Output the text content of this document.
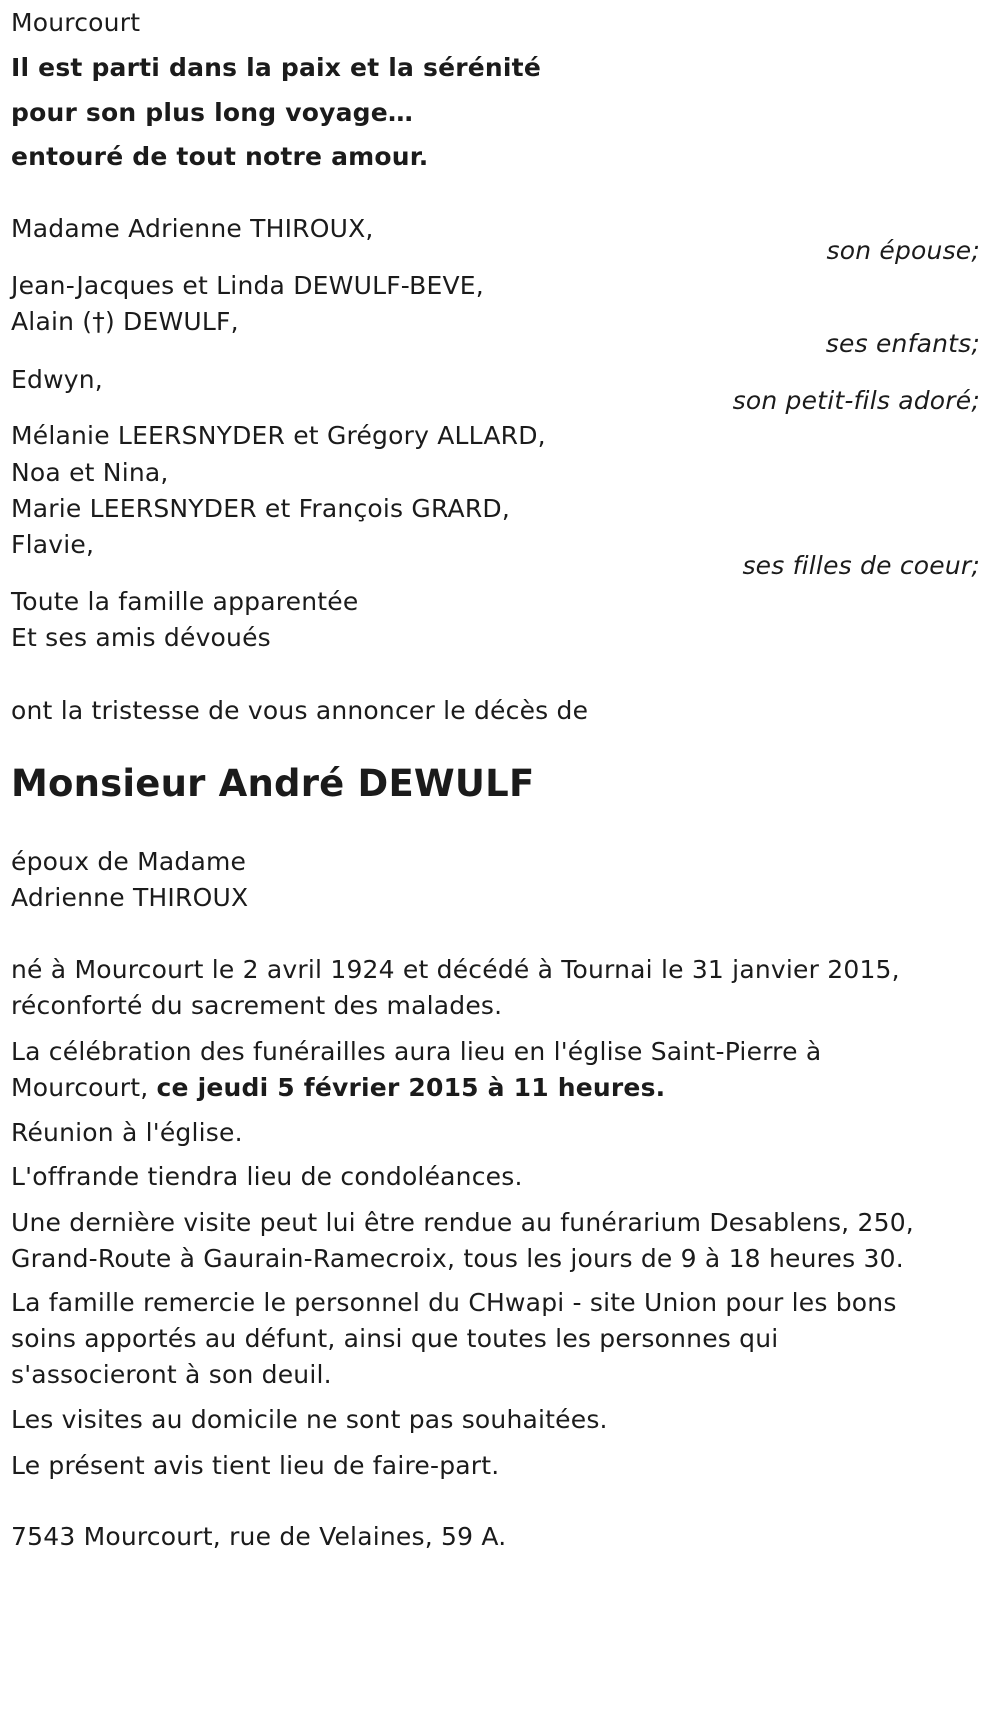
Mourcourt
Il est parti dans la paix et la sérénité
pour son plus long voyage…
entouré de tout notre amour.
Madame Adrienne THIROUX,
son épouse;
Jean-Jacques et Linda DEWULF-BEVE,
Alain (†) DEWULF,
ses enfants;
Edwyn,
son petit-fils adoré;
Mélanie LEERSNYDER et Grégory ALLARD,
Noa et Nina,
Marie LEERSNYDER et François GRARD,
Flavie,
ses filles de coeur;
Toute la famille apparentée
Et ses amis dévoués
ont la tristesse de vous annoncer le décès de
Monsieur André DEWULF
époux de Madame
Adrienne THIROUX
né à Mourcourt le 2 avril 1924 et décédé à Tournai le 31 janvier 2015,
réconforté du sacrement des malades.
La célébration des funérailles aura lieu en l'église Saint-Pierre à
Mourcourt, ce jeudi 5 février 2015 à 11 heures.
Réunion à l'église.
L'offrande tiendra lieu de condoléances.
Une dernière visite peut lui être rendue au funérarium Desablens, 250,
Grand-Route à Gaurain-Ramecroix, tous les jours de 9 à 18 heures 30.
La famille remercie le personnel du CHwapi - site Union pour les bons
soins apportés au défunt, ainsi que toutes les personnes qui
s'associeront à son deuil.
Les visites au domicile ne sont pas souhaitées.
Le présent avis tient lieu de faire-part.
7543 Mourcourt, rue de Velaines, 59 A.
